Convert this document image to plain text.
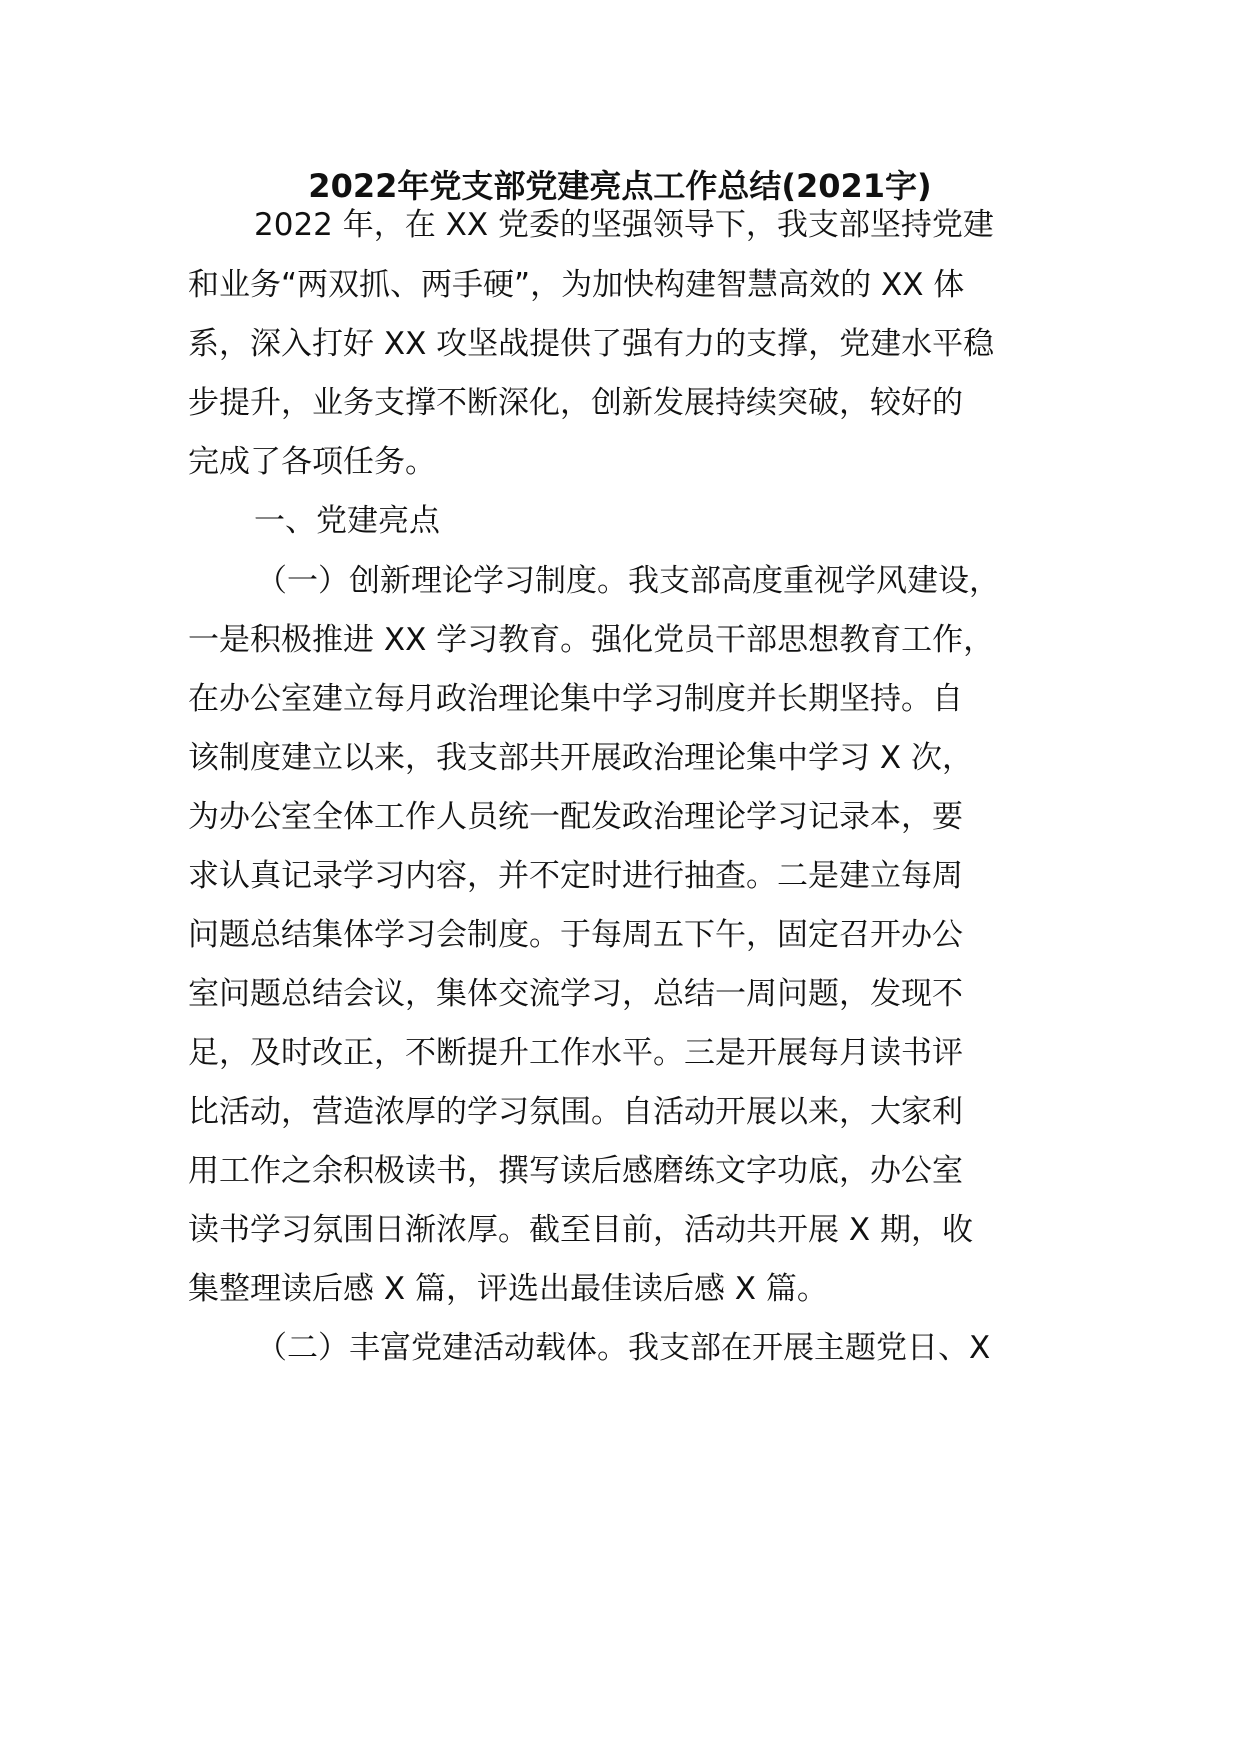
2022年党支部党建亮点工作总结(2021字)
2022 年，在 XX 党委的坚强领导下，我支部坚持党建
和业务“两双抓、两手硬”，为加快构建智慧高效的 XX 体
系，深入打好 XX 攻坚战提供了强有力的支撑，党建水平稳
步提升，业务支撑不断深化，创新发展持续突破，较好的
完成了各项任务。
一、党建亮点
（一）创新理论学习制度。我支部高度重视学风建设，
一是积极推进 XX 学习教育。强化党员干部思想教育工作，
在办公室建立每月政治理论集中学习制度并长期坚持。自
该制度建立以来，我支部共开展政治理论集中学习 X 次，
为办公室全体工作人员统一配发政治理论学习记录本，要
求认真记录学习内容，并不定时进行抽查。二是建立每周
问题总结集体学习会制度。于每周五下午，固定召开办公
室问题总结会议，集体交流学习，总结一周问题，发现不
足，及时改正，不断提升工作水平。三是开展每月读书评
比活动，营造浓厚的学习氛围。自活动开展以来，大家利
用工作之余积极读书，撰写读后感磨练文字功底，办公室
读书学习氛围日渐浓厚。截至目前，活动共开展 X 期，收
集整理读后感 X 篇，评选出最佳读后感 X 篇。
（二）丰富党建活动载体。我支部在开展主题党日、X
